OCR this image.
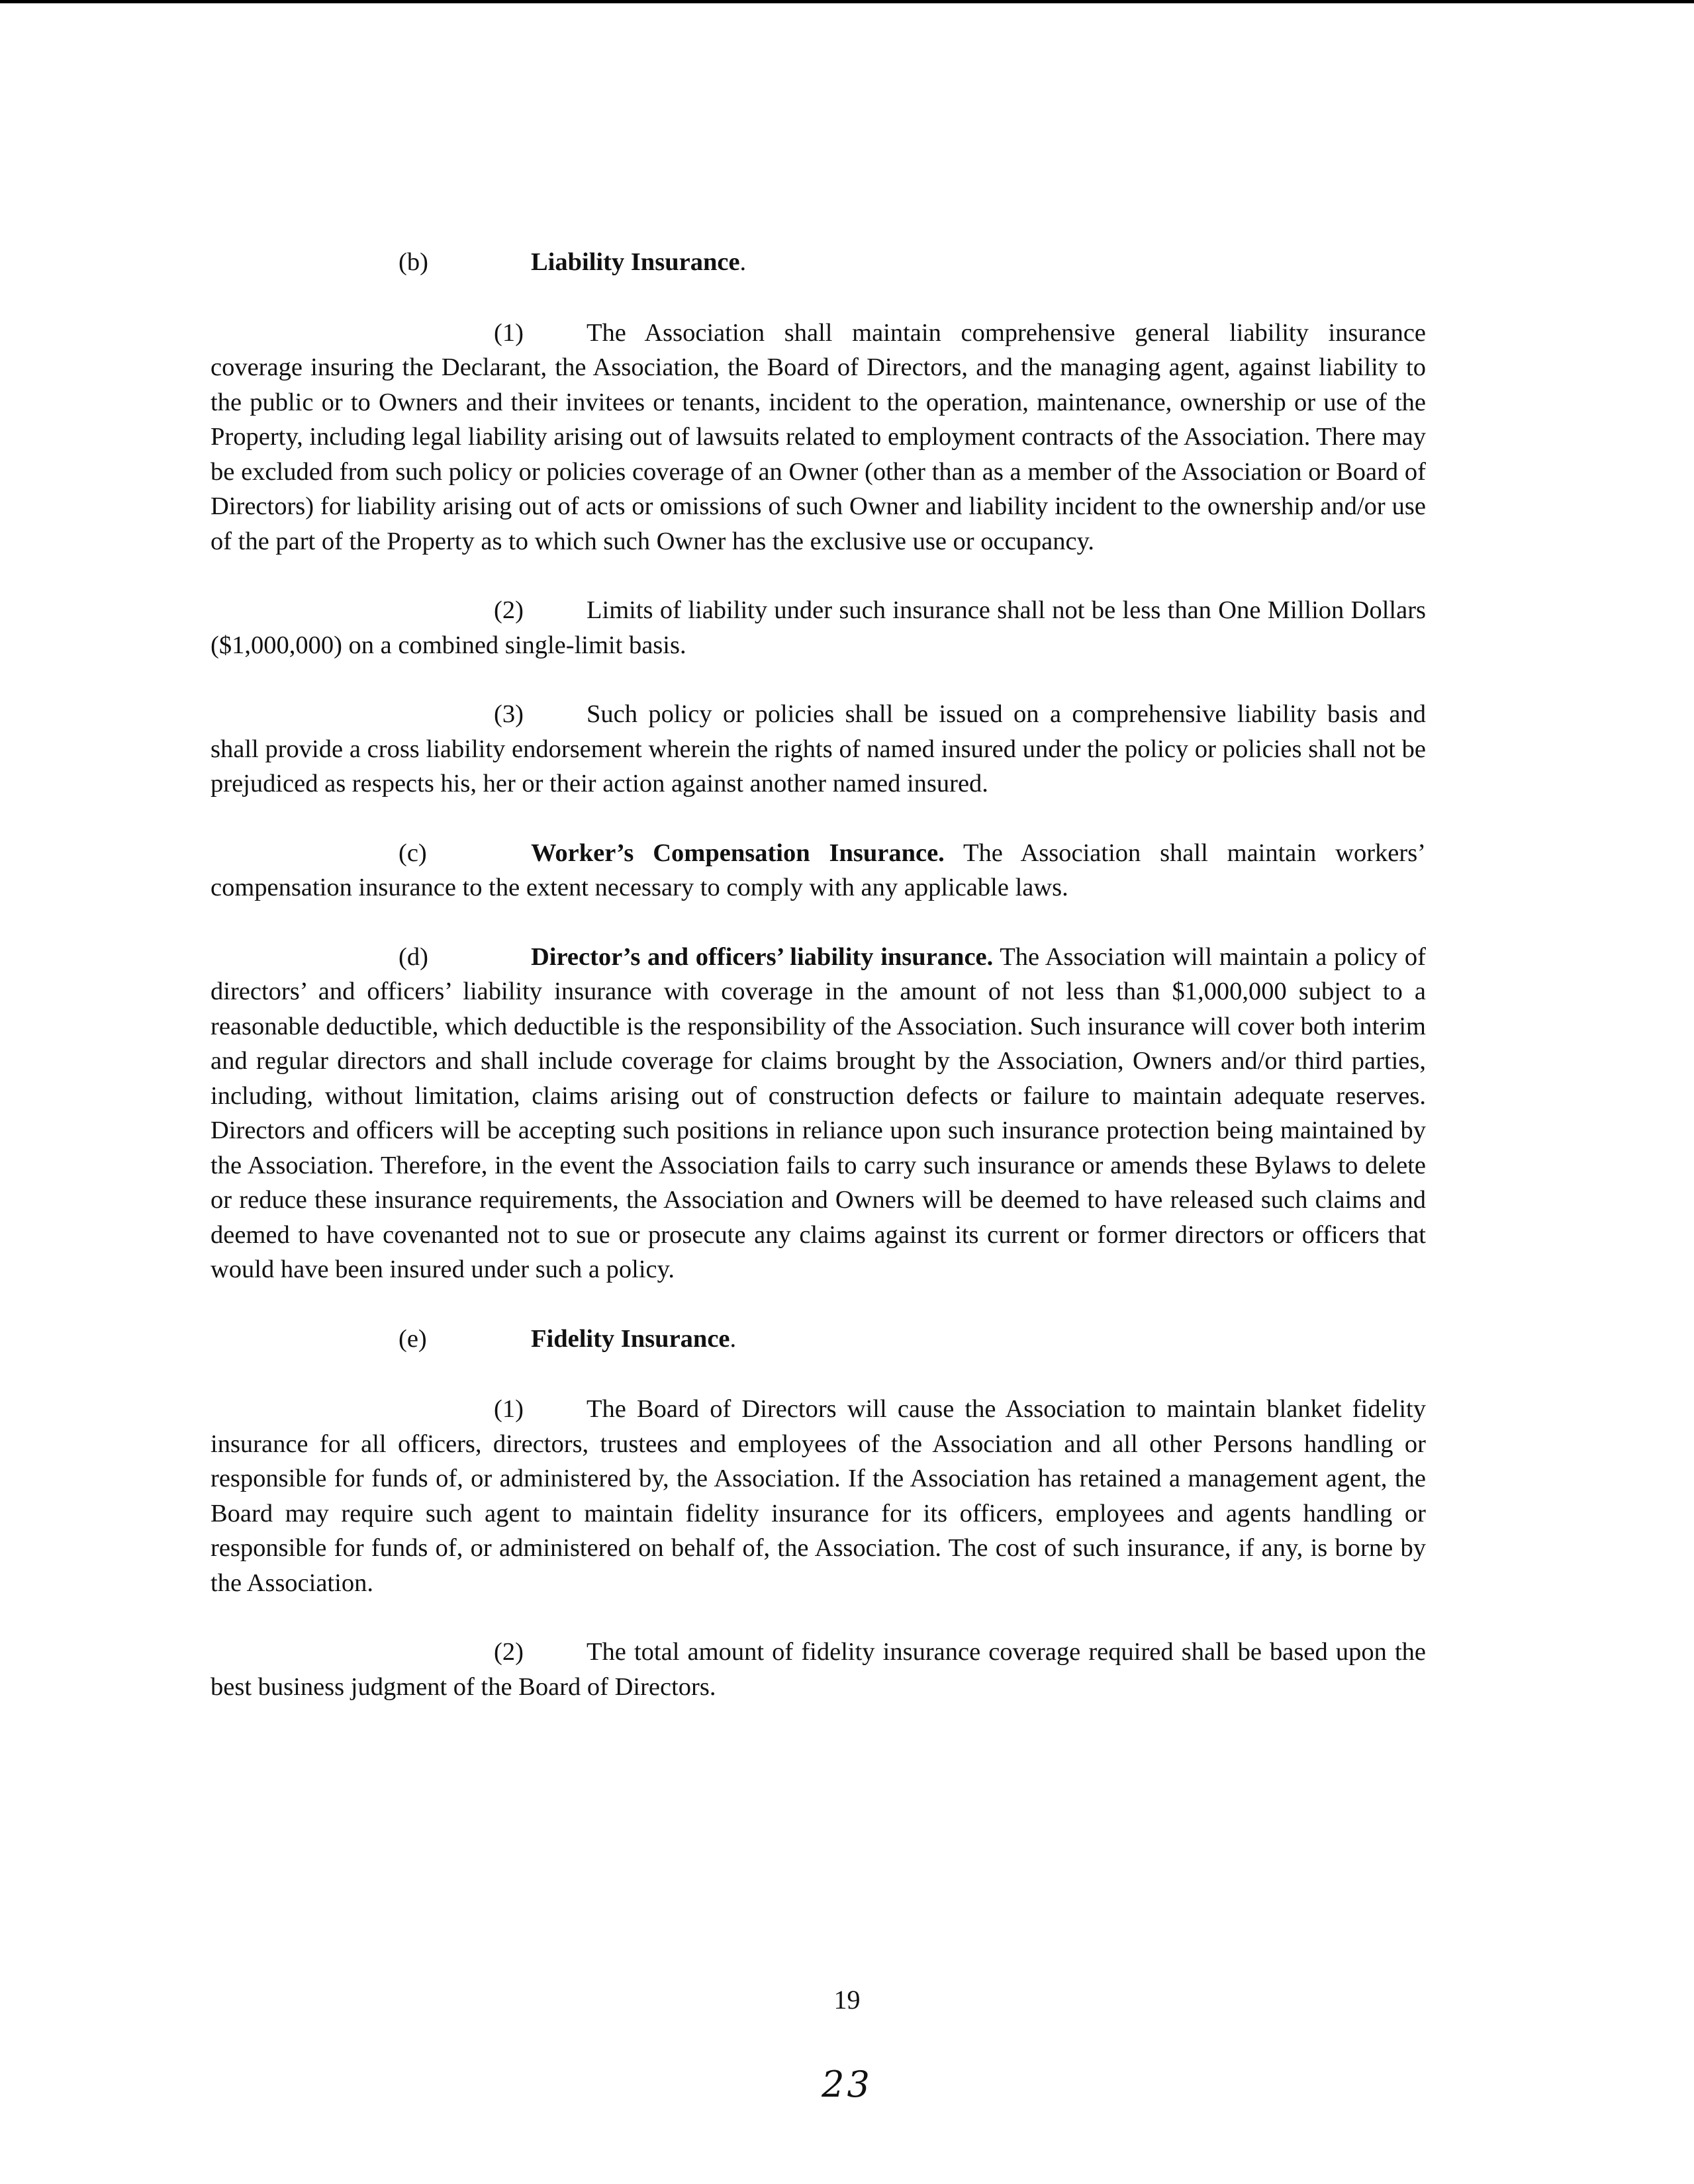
(b)	Liability Insurance.

(1) The Association shall maintain comprehensive general liability insurance coverage insuring the Declarant, the Association, the Board of Directors, and the managing agent, against liability to the public or to Owners and their invitees or tenants, incident to the operation, maintenance, ownership or use of the Property, including legal liability arising out of lawsuits related to employment contracts of the Association. There may be excluded from such policy or policies coverage of an Owner (other than as a member of the Association or Board of Directors) for liability arising out of acts or omissions of such Owner and liability incident to the ownership and/or use of the part of the Property as to which such Owner has the exclusive use or occupancy.

(2) Limits of liability under such insurance shall not be less than One Million Dollars ($1,000,000) on a combined single-limit basis.

(3) Such policy or policies shall be issued on a comprehensive liability basis and shall provide a cross liability endorsement wherein the rights of named insured under the policy or policies shall not be prejudiced as respects his, her or their action against another named insured.

(c)	Worker’s Compensation Insurance. The Association shall maintain workers’ compensation insurance to the extent necessary to comply with any applicable laws.

(d)	Director’s and officers’ liability insurance. The Association will maintain a policy of directors’ and officers’ liability insurance with coverage in the amount of not less than $1,000,000 subject to a reasonable deductible, which deductible is the responsibility of the Association. Such insurance will cover both interim and regular directors and shall include coverage for claims brought by the Association, Owners and/or third parties, including, without limitation, claims arising out of construction defects or failure to maintain adequate reserves. Directors and officers will be accepting such positions in reliance upon such insurance protection being maintained by the Association. Therefore, in the event the Association fails to carry such insurance or amends these Bylaws to delete or reduce these insurance requirements, the Association and Owners will be deemed to have released such claims and deemed to have covenanted not to sue or prosecute any claims against its current or former directors or officers that would have been insured under such a policy.

(e)	Fidelity Insurance.

(1) The Board of Directors will cause the Association to maintain blanket fidelity insurance for all officers, directors, trustees and employees of the Association and all other Persons handling or responsible for funds of, or administered by, the Association. If the Association has retained a management agent, the Board may require such agent to maintain fidelity insurance for its officers, employees and agents handling or responsible for funds of, or administered on behalf of, the Association. The cost of such insurance, if any, is borne by the Association.

(2) The total amount of fidelity insurance coverage required shall be based upon the best business judgment of the Board of Directors.

19
23
